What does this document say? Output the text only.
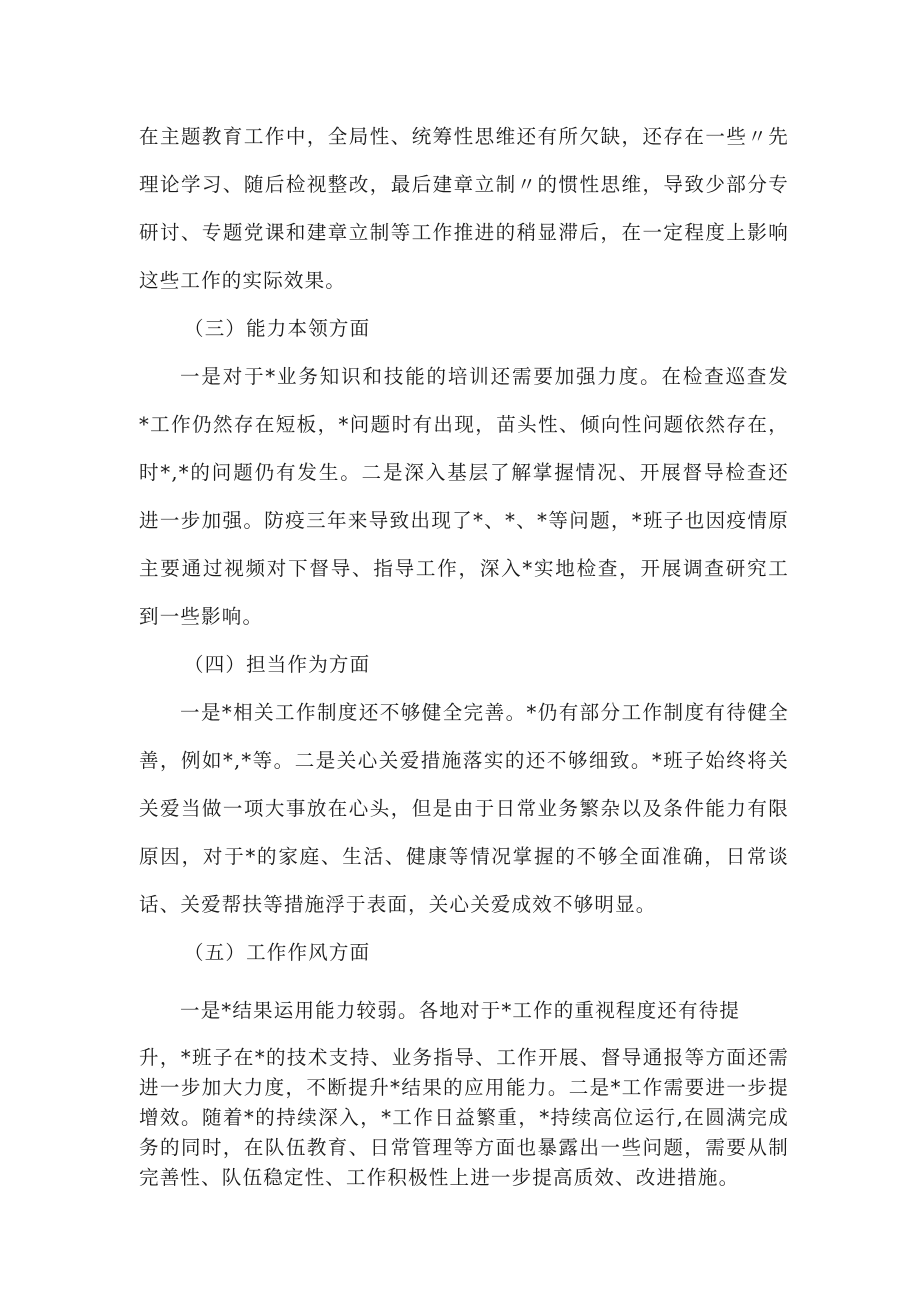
在主题教育工作中，全局性、统筹性思维还有所欠缺，还存在一些〃先
理论学习、随后检视整改，最后建章立制〃的惯性思维，导致少部分专
研讨、专题党课和建章立制等工作推进的稍显滞后，在一定程度上影响
这些工作的实际效果。
（三）能力本领方面
一是对于*业务知识和技能的培训还需要加强力度。在检查巡查发
*工作仍然存在短板，*问题时有出现，苗头性、倾向性问题依然存在，
时*,*的问题仍有发生。二是深入基层了解掌握情况、开展督导检查还
进一步加强。防疫三年来导致出现了*、*、*等问题，*班子也因疫情原
主要通过视频对下督导、指导工作，深入*实地检查，开展调查研究工
到一些影响。
（四）担当作为方面
一是*相关工作制度还不够健全完善。*仍有部分工作制度有待健全
善，例如*,*等。二是关心关爱措施落实的还不够细致。*班子始终将关
关爱当做一项大事放在心头，但是由于日常业务繁杂以及条件能力有限
原因，对于*的家庭、生活、健康等情况掌握的不够全面准确，日常谈
话、关爱帮扶等措施浮于表面，关心关爱成效不够明显。
（五）工作作风方面
一是*结果运用能力较弱。各地对于*工作的重视程度还有待提
升，*班子在*的技术支持、业务指导、工作开展、督导通报等方面还需
进一步加大力度，不断提升*结果的应用能力。二是*工作需要进一步提
增效。随着*的持续深入，*工作日益繁重，*持续高位运行,在圆满完成
务的同时，在队伍教育、日常管理等方面也暴露出一些问题，需要从制
完善性、队伍稳定性、工作积极性上进一步提高质效、改进措施。
